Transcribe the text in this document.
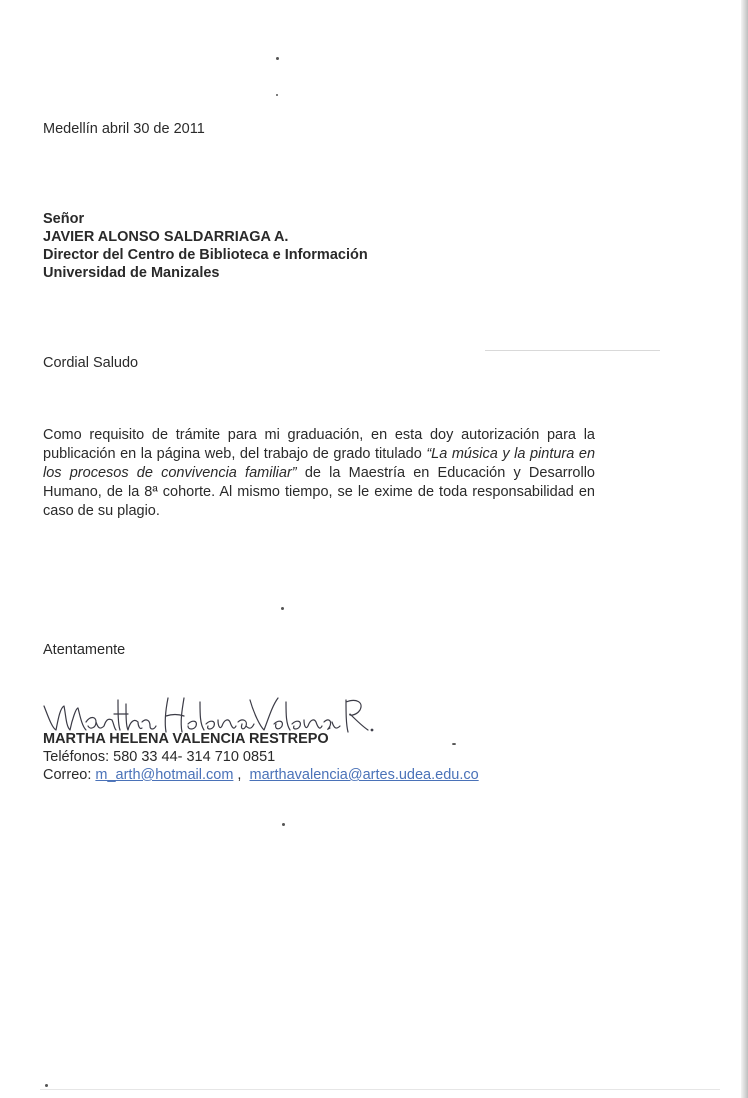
Medellín abril 30 de 2011
Señor
JAVIER ALONSO SALDARRIAGA A.
Director del Centro de Biblioteca e Información
Universidad de Manizales
Cordial Saludo
Como requisito de trámite para mi graduación, en esta doy autorización para la publicación en la página web, del trabajo de grado titulado “La música y la pintura en los procesos de convivencia familiar” de la Maestría en Educación y Desarrollo Humano, de la 8ª cohorte. Al mismo tiempo, se le exime de toda responsabilidad en caso de su plagio.
Atentamente
MARTHA HELENA VALENCIA RESTREPO
Teléfonos: 580 33 44- 314 710 0851
Correo: m_arth@hotmail.com ,  marthavalencia@artes.udea.edu.co
